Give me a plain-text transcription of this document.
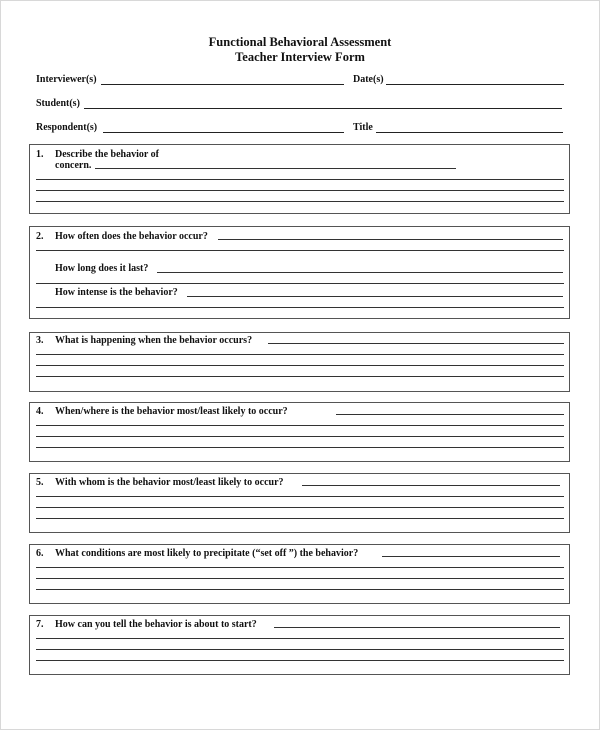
Functional Behavioral Assessment
Teacher Interview Form
Interviewer(s)	Date(s)
Student(s)
Respondent(s)	Title
1. Describe the behavior of
concern.
2. How often does the behavior occur?
How long does it last?
How intense is the behavior?
3. What is happening when the behavior occurs?
4. When/where is the behavior most/least likely to occur?
5. With whom is the behavior most/least likely to occur?
6. What conditions are most likely to precipitate (“set off ”) the behavior?
7. How can you tell the behavior is about to start?
